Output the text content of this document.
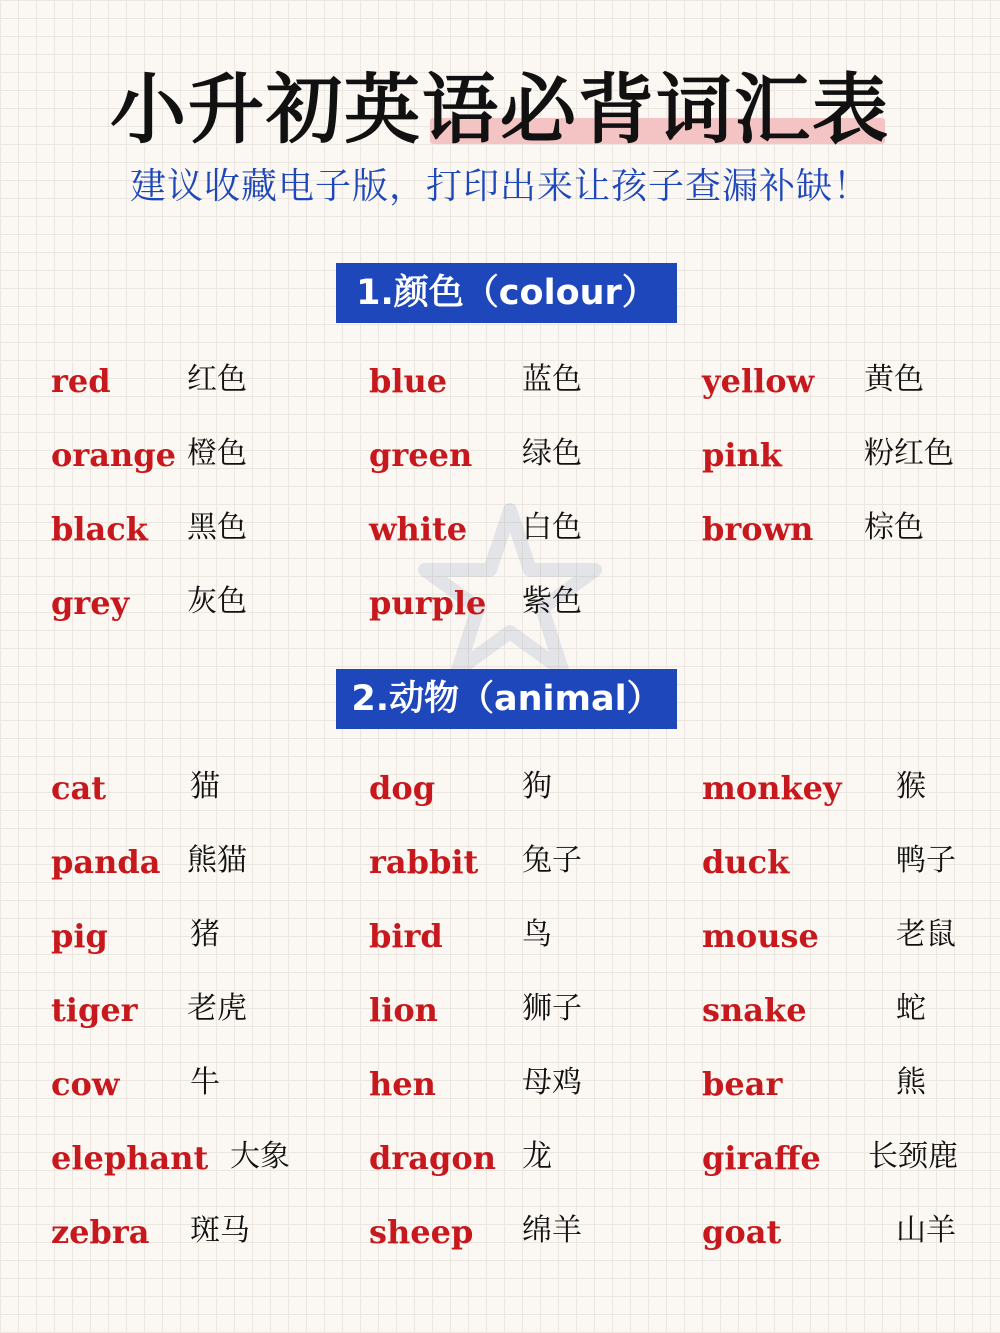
小升初英语必背词汇表
建议收藏电子版，打印出来让孩子查漏补缺！
1.颜色（colour）
2.动物（animal）
red	红色	blue 蓝色	yellow 黄色
orange 橙色	green 绿色	pink	粉红色
black 黑色	white 白色	brown 棕色
grey 灰色	purple 紫色
cat	猫	dog	狗	monkey 猴
panda 熊猫	rabbit 兔子	duck	鸭子
pig	猪	bird	鸟	mouse	老鼠
tiger 老虎	lion	狮子	snake	蛇
cow 牛	hen	母鸡	bear	熊
elephant 大象 dragon 龙	giraffe 长颈鹿
zebra 斑马	sheep 绵羊	goat	山羊
